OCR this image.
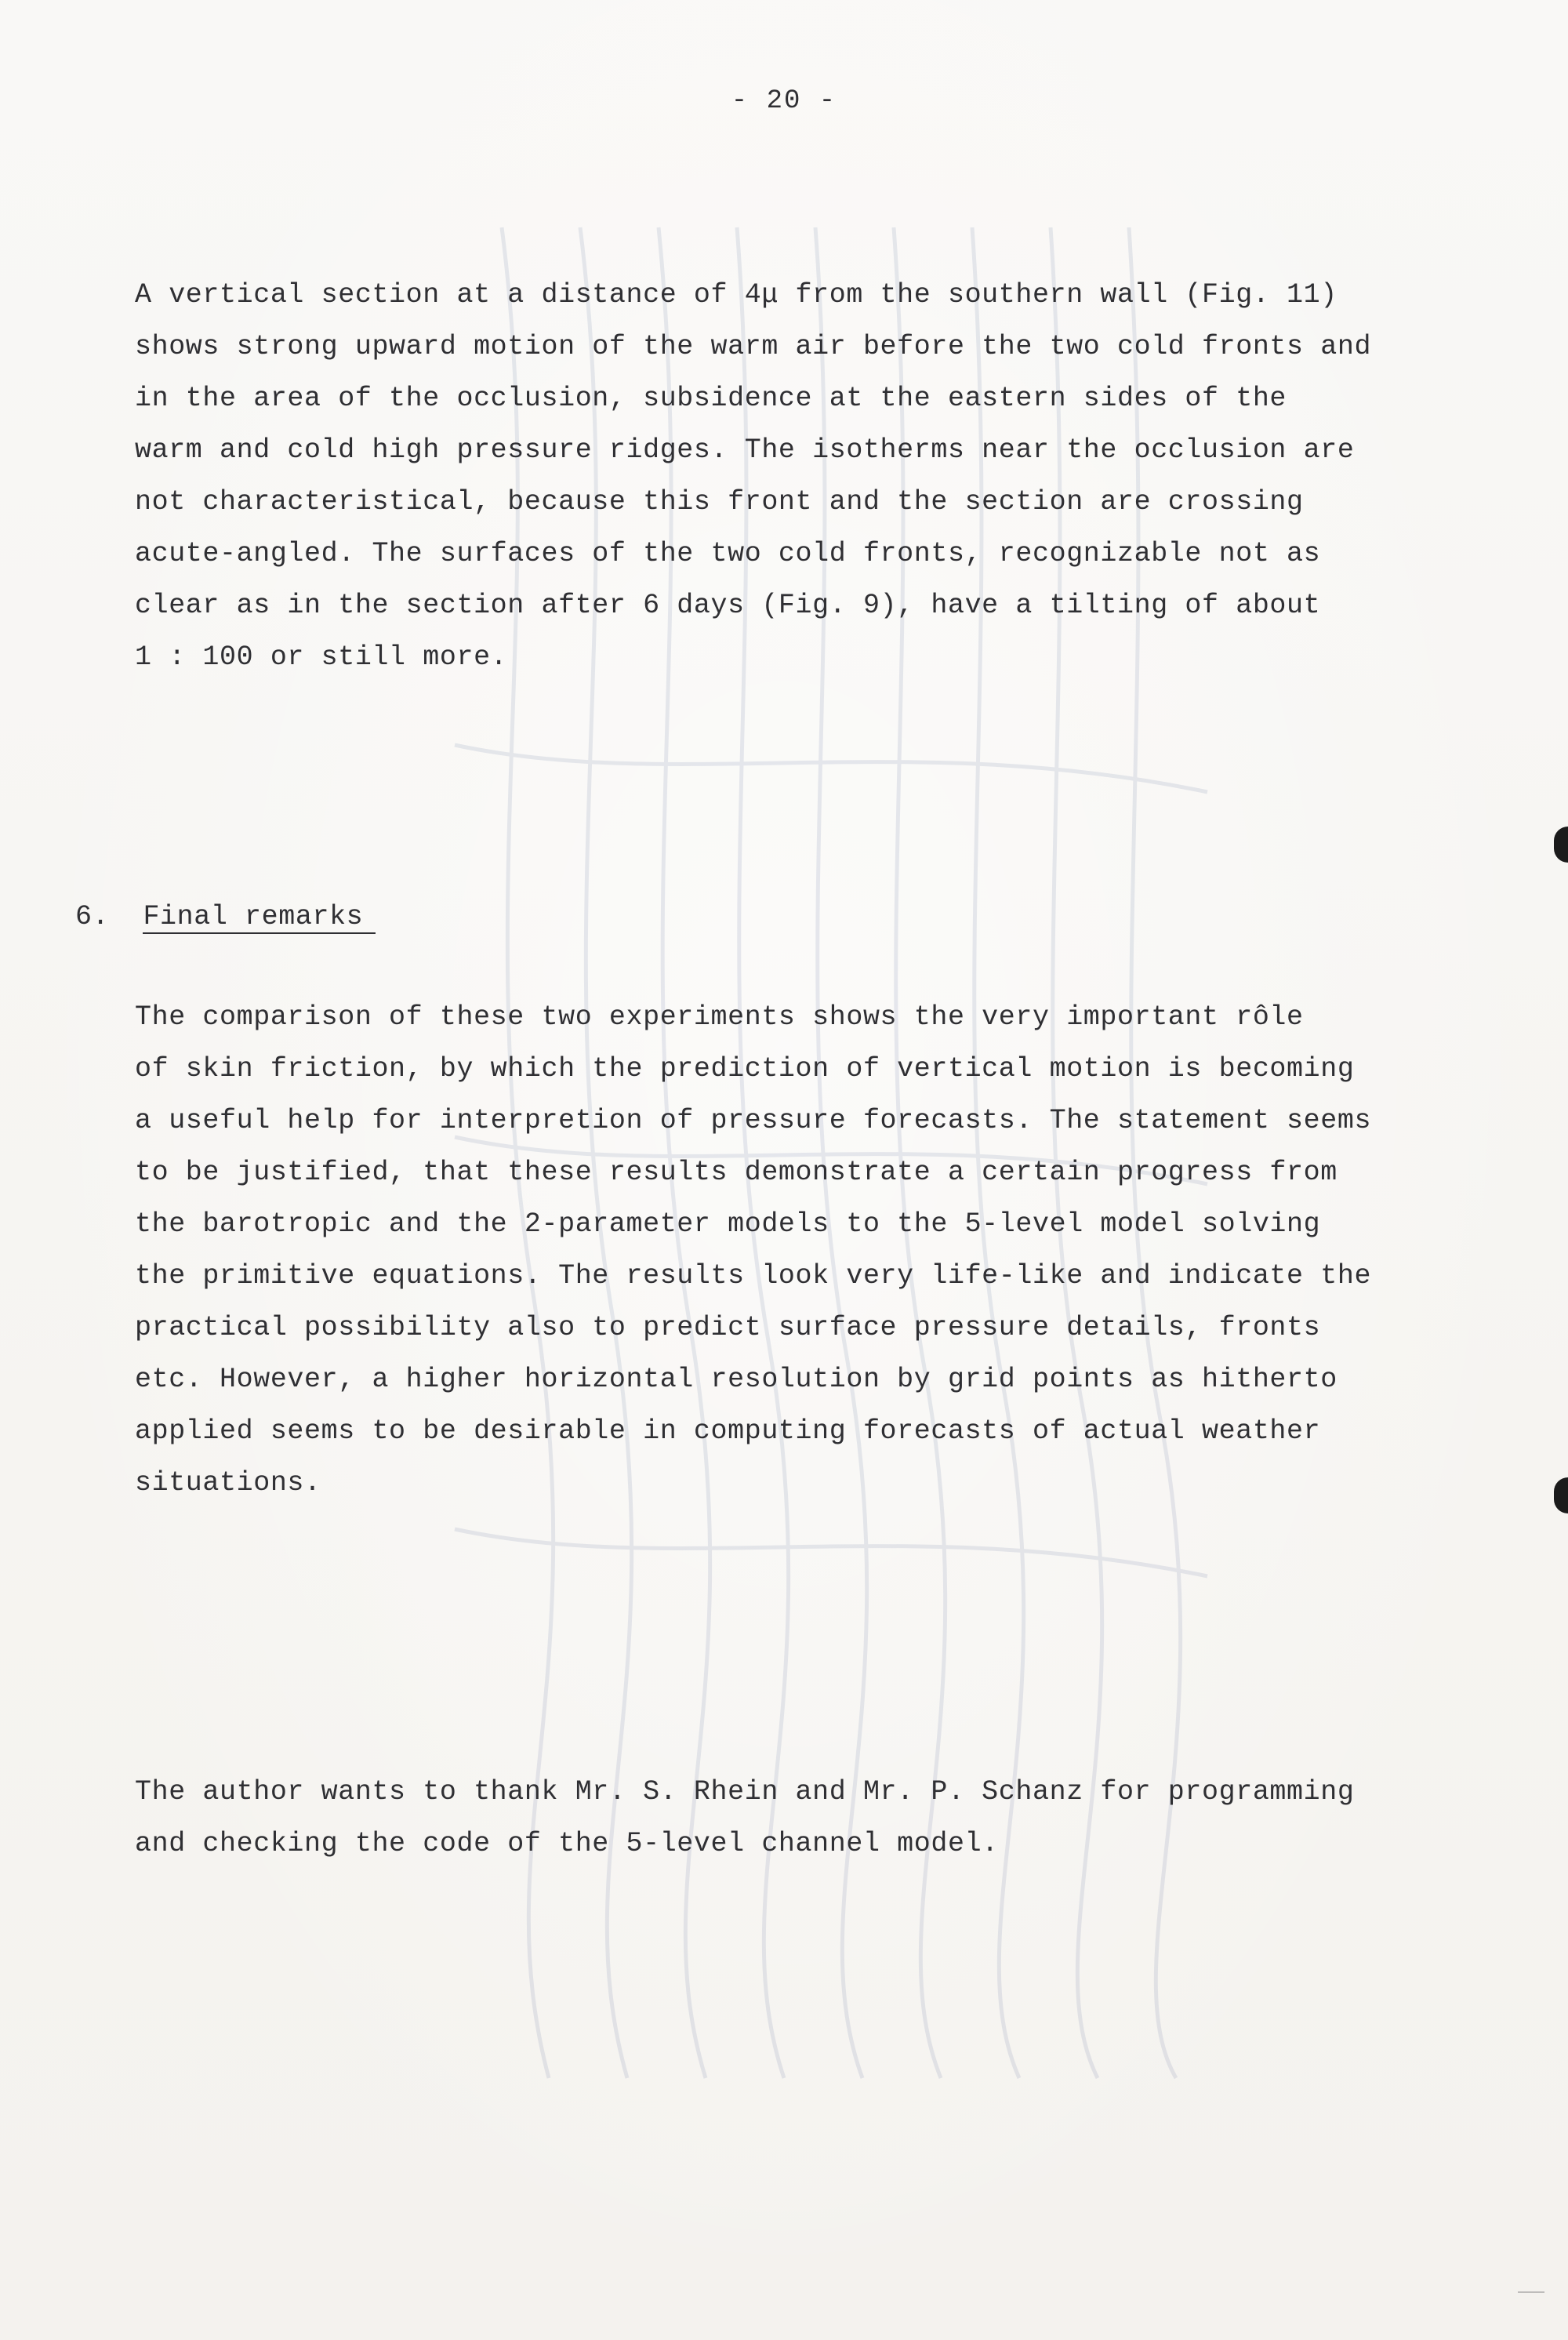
- 20 -
A vertical section at a distance of 4μ from the southern wall (Fig. 11)
shows strong upward motion of the warm air before the two cold fronts and
in the area of the occlusion, subsidence at the eastern sides of the
warm and cold high pressure ridges. The isotherms near the occlusion are
not characteristical, because this front and the section are crossing
acute-angled. The surfaces of the two cold fronts, recognizable not as
clear as in the section after 6 days (Fig. 9), have a tilting of about
1 : 100 or still more.
6. Final remarks
The comparison of these two experiments shows the very important rôle
of skin friction, by which the prediction of vertical motion is becoming
a useful help for interpretion of pressure forecasts. The statement seems
to be justified, that these results demonstrate a certain progress from
the barotropic and the 2-parameter models to the 5-level model solving
the primitive equations. The results look very life-like and indicate the
practical possibility also to predict surface pressure details, fronts
etc. However, a higher horizontal resolution by grid points as hitherto
applied seems to be desirable in computing forecasts of actual weather
situations.
The author wants to thank Mr. S. Rhein and Mr. P. Schanz for programming
and checking the code of the 5-level channel model.
